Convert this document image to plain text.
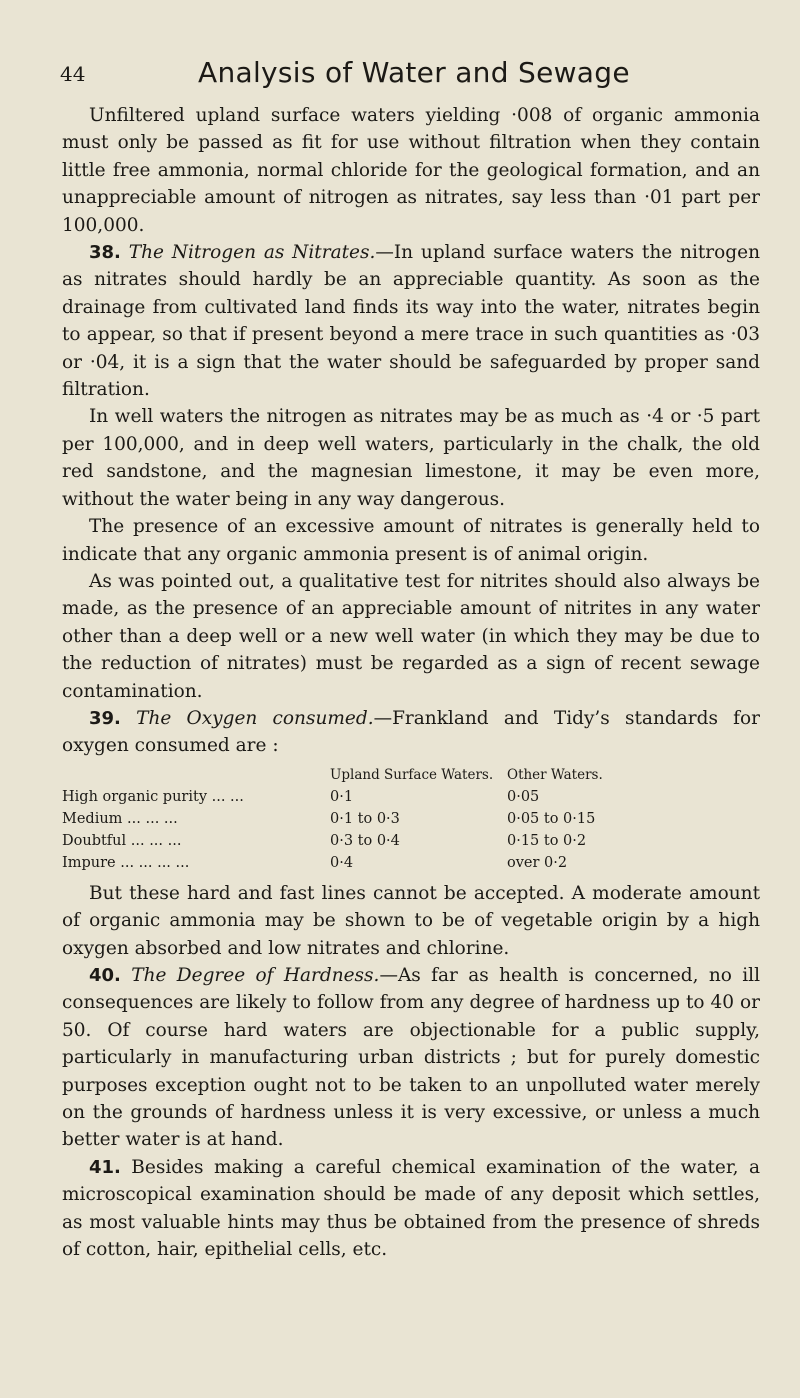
44	Analysis of Water and Sewage

Unfiltered upland surface waters yielding ·008 of organic ammonia must only be passed as fit for use without filtration when they contain little free ammonia, normal chloride for the geological formation, and an unappreciable amount of nitrogen as nitrates, say less than ·01 part per 100,000.

38. The Nitrogen as Nitrates.—In upland surface waters the nitrogen as nitrates should hardly be an appreciable quantity. As soon as the drainage from cultivated land finds its way into the water, nitrates begin to appear, so that if present beyond a mere trace in such quantities as ·03 or ·04, it is a sign that the water should be safeguarded by proper sand filtration.

In well waters the nitrogen as nitrates may be as much as ·4 or ·5 part per 100,000, and in deep well waters, particularly in the chalk, the old red sandstone, and the magnesian limestone, it may be even more, without the water being in any way dangerous.

The presence of an excessive amount of nitrates is generally held to indicate that any organic ammonia present is of animal origin.

As was pointed out, a qualitative test for nitrites should also always be made, as the presence of an appreciable amount of nitrites in any water other than a deep well or a new well water (in which they may be due to the reduction of nitrates) must be regarded as a sign of recent sewage contamination.

39. The Oxygen consumed.—Frankland and Tidy’s standards for oxygen consumed are :

	Upland Surface Waters.	Other Waters.
High organic purity ... ...	0·1	0·05
Medium ... ... ...	0·1 to 0·3	0·05 to 0·15
Doubtful ... ... ...	0·3 to 0·4	0·15 to 0·2
Impure ... ... ... ...	0·4	over 0·2

But these hard and fast lines cannot be accepted. A moderate amount of organic ammonia may be shown to be of vegetable origin by a high oxygen absorbed and low nitrates and chlorine.

40. The Degree of Hardness.—As far as health is concerned, no ill consequences are likely to follow from any degree of hardness up to 40 or 50. Of course hard waters are objectionable for a public supply, particularly in manufacturing urban districts ; but for purely domestic purposes exception ought not to be taken to an unpolluted water merely on the grounds of hardness unless it is very excessive, or unless a much better water is at hand.

41. Besides making a careful chemical examination of the water, a microscopical examination should be made of any deposit which settles, as most valuable hints may thus be obtained from the presence of shreds of cotton, hair, epithelial cells, etc.
